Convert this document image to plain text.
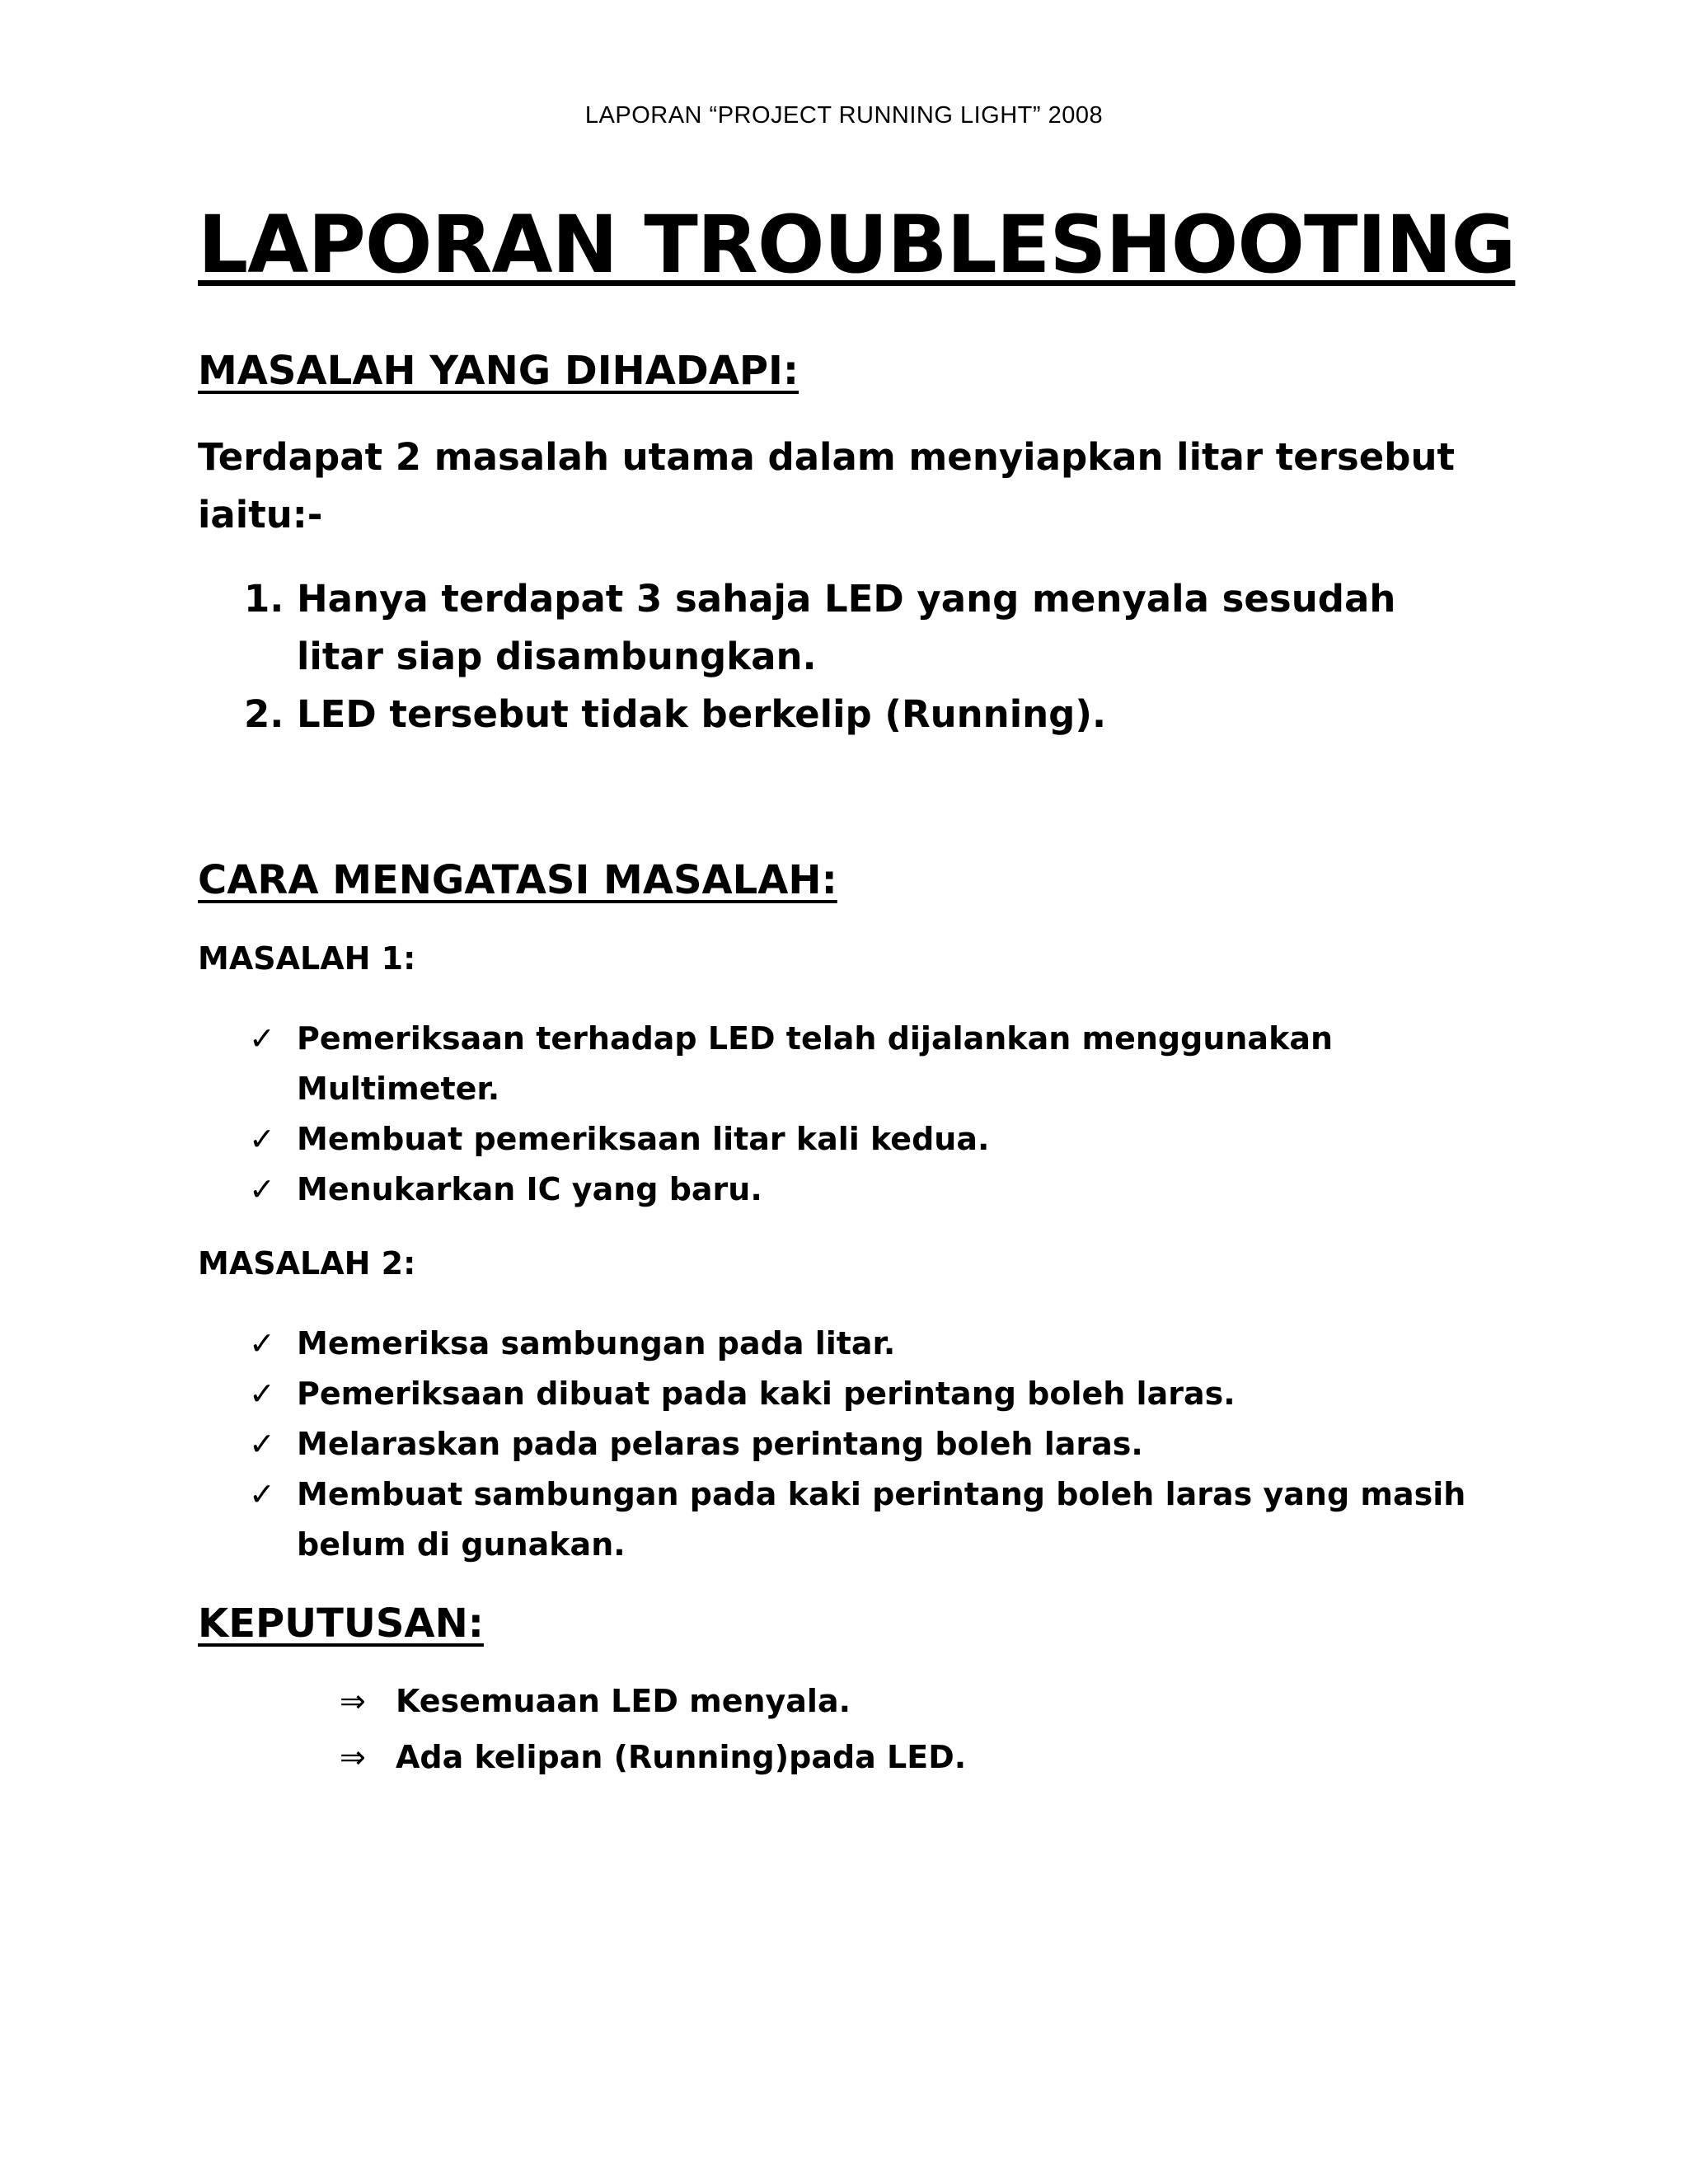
LAPORAN “PROJECT RUNNING LIGHT” 2008
LAPORAN TROUBLESHOOTING
MASALAH YANG DIHADAPI:

Terdapat 2 masalah utama dalam menyiapkan litar tersebut iaitu:-

1. Hanya terdapat 3 sahaja LED yang menyala sesudah litar siap disambungkan.
2. LED tersebut tidak berkelip (Running).
CARA MENGATASI MASALAH:
MASALAH 1:
✓ Pemeriksaan terhadap LED telah dijalankan menggunakan Multimeter.
✓ Membuat pemeriksaan litar kali kedua.
✓ Menukarkan IC yang baru.
MASALAH 2:
✓ Memeriksa sambungan pada litar.
✓ Pemeriksaan dibuat pada kaki perintang boleh laras.
✓ Melaraskan pada pelaras perintang boleh laras.
✓ Membuat sambungan pada kaki perintang boleh laras yang masih belum di gunakan.
KEPUTUSAN:
⇒ Kesemuaan LED menyala.
⇒ Ada kelipan (Running)pada LED.
